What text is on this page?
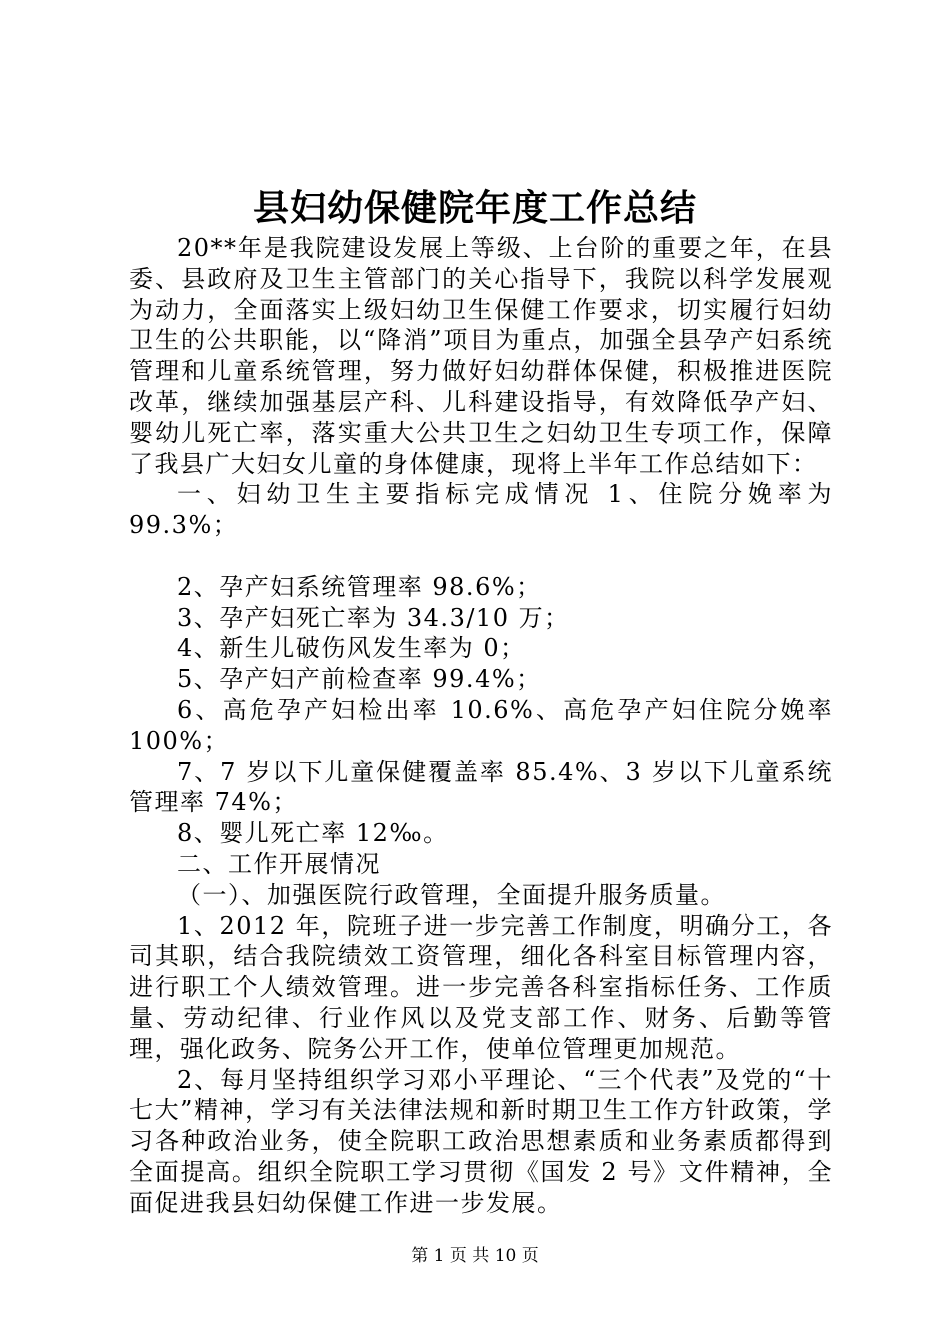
县妇幼保健院年度工作总结

20**年是我院建设发展上等级、上台阶的重要之年，在县委、县政府及卫生主管部门的关心指导下，我院以科学发展观为动力，全面落实上级妇幼卫生保健工作要求，切实履行妇幼卫生的公共职能，以“降消”项目为重点，加强全县孕产妇系统管理和儿童系统管理，努力做好妇幼群体保健，积极推进医院改革，继续加强基层产科、儿科建设指导，有效降低孕产妇、婴幼儿死亡率，落实重大公共卫生之妇幼卫生专项工作，保障了我县广大妇女儿童的身体健康，现将上半年工作总结如下：

一、妇幼卫生主要指标完成情况 1、住院分娩率为 99.3%；

2、孕产妇系统管理率 98.6%；

3、孕产妇死亡率为 34.3/10 万；

4、新生儿破伤风发生率为 0；

5、孕产妇产前检查率 99.4%；

6、高危孕产妇检出率 10.6%、高危孕产妇住院分娩率 100%；

7、7 岁以下儿童保健覆盖率 85.4%、3 岁以下儿童系统管理率 74%；

8、婴儿死亡率 12‰。

二、工作开展情况

（一）、加强医院行政管理，全面提升服务质量。

1、2012 年，院班子进一步完善工作制度，明确分工，各司其职，结合我院绩效工资管理，细化各科室目标管理内容，进行职工个人绩效管理。进一步完善各科室指标任务、工作质量、劳动纪律、行业作风以及党支部工作、财务、后勤等管理，强化政务、院务公开工作，使单位管理更加规范。

2、每月坚持组织学习邓小平理论、“三个代表”及党的“十七大”精神，学习有关法律法规和新时期卫生工作方针政策，学习各种政治业务，使全院职工政治思想素质和业务素质都得到全面提高。组织全院职工学习贯彻《国发 2 号》文件精神，全面促进我县妇幼保健工作进一步发展。

第 1 页 共 10 页
